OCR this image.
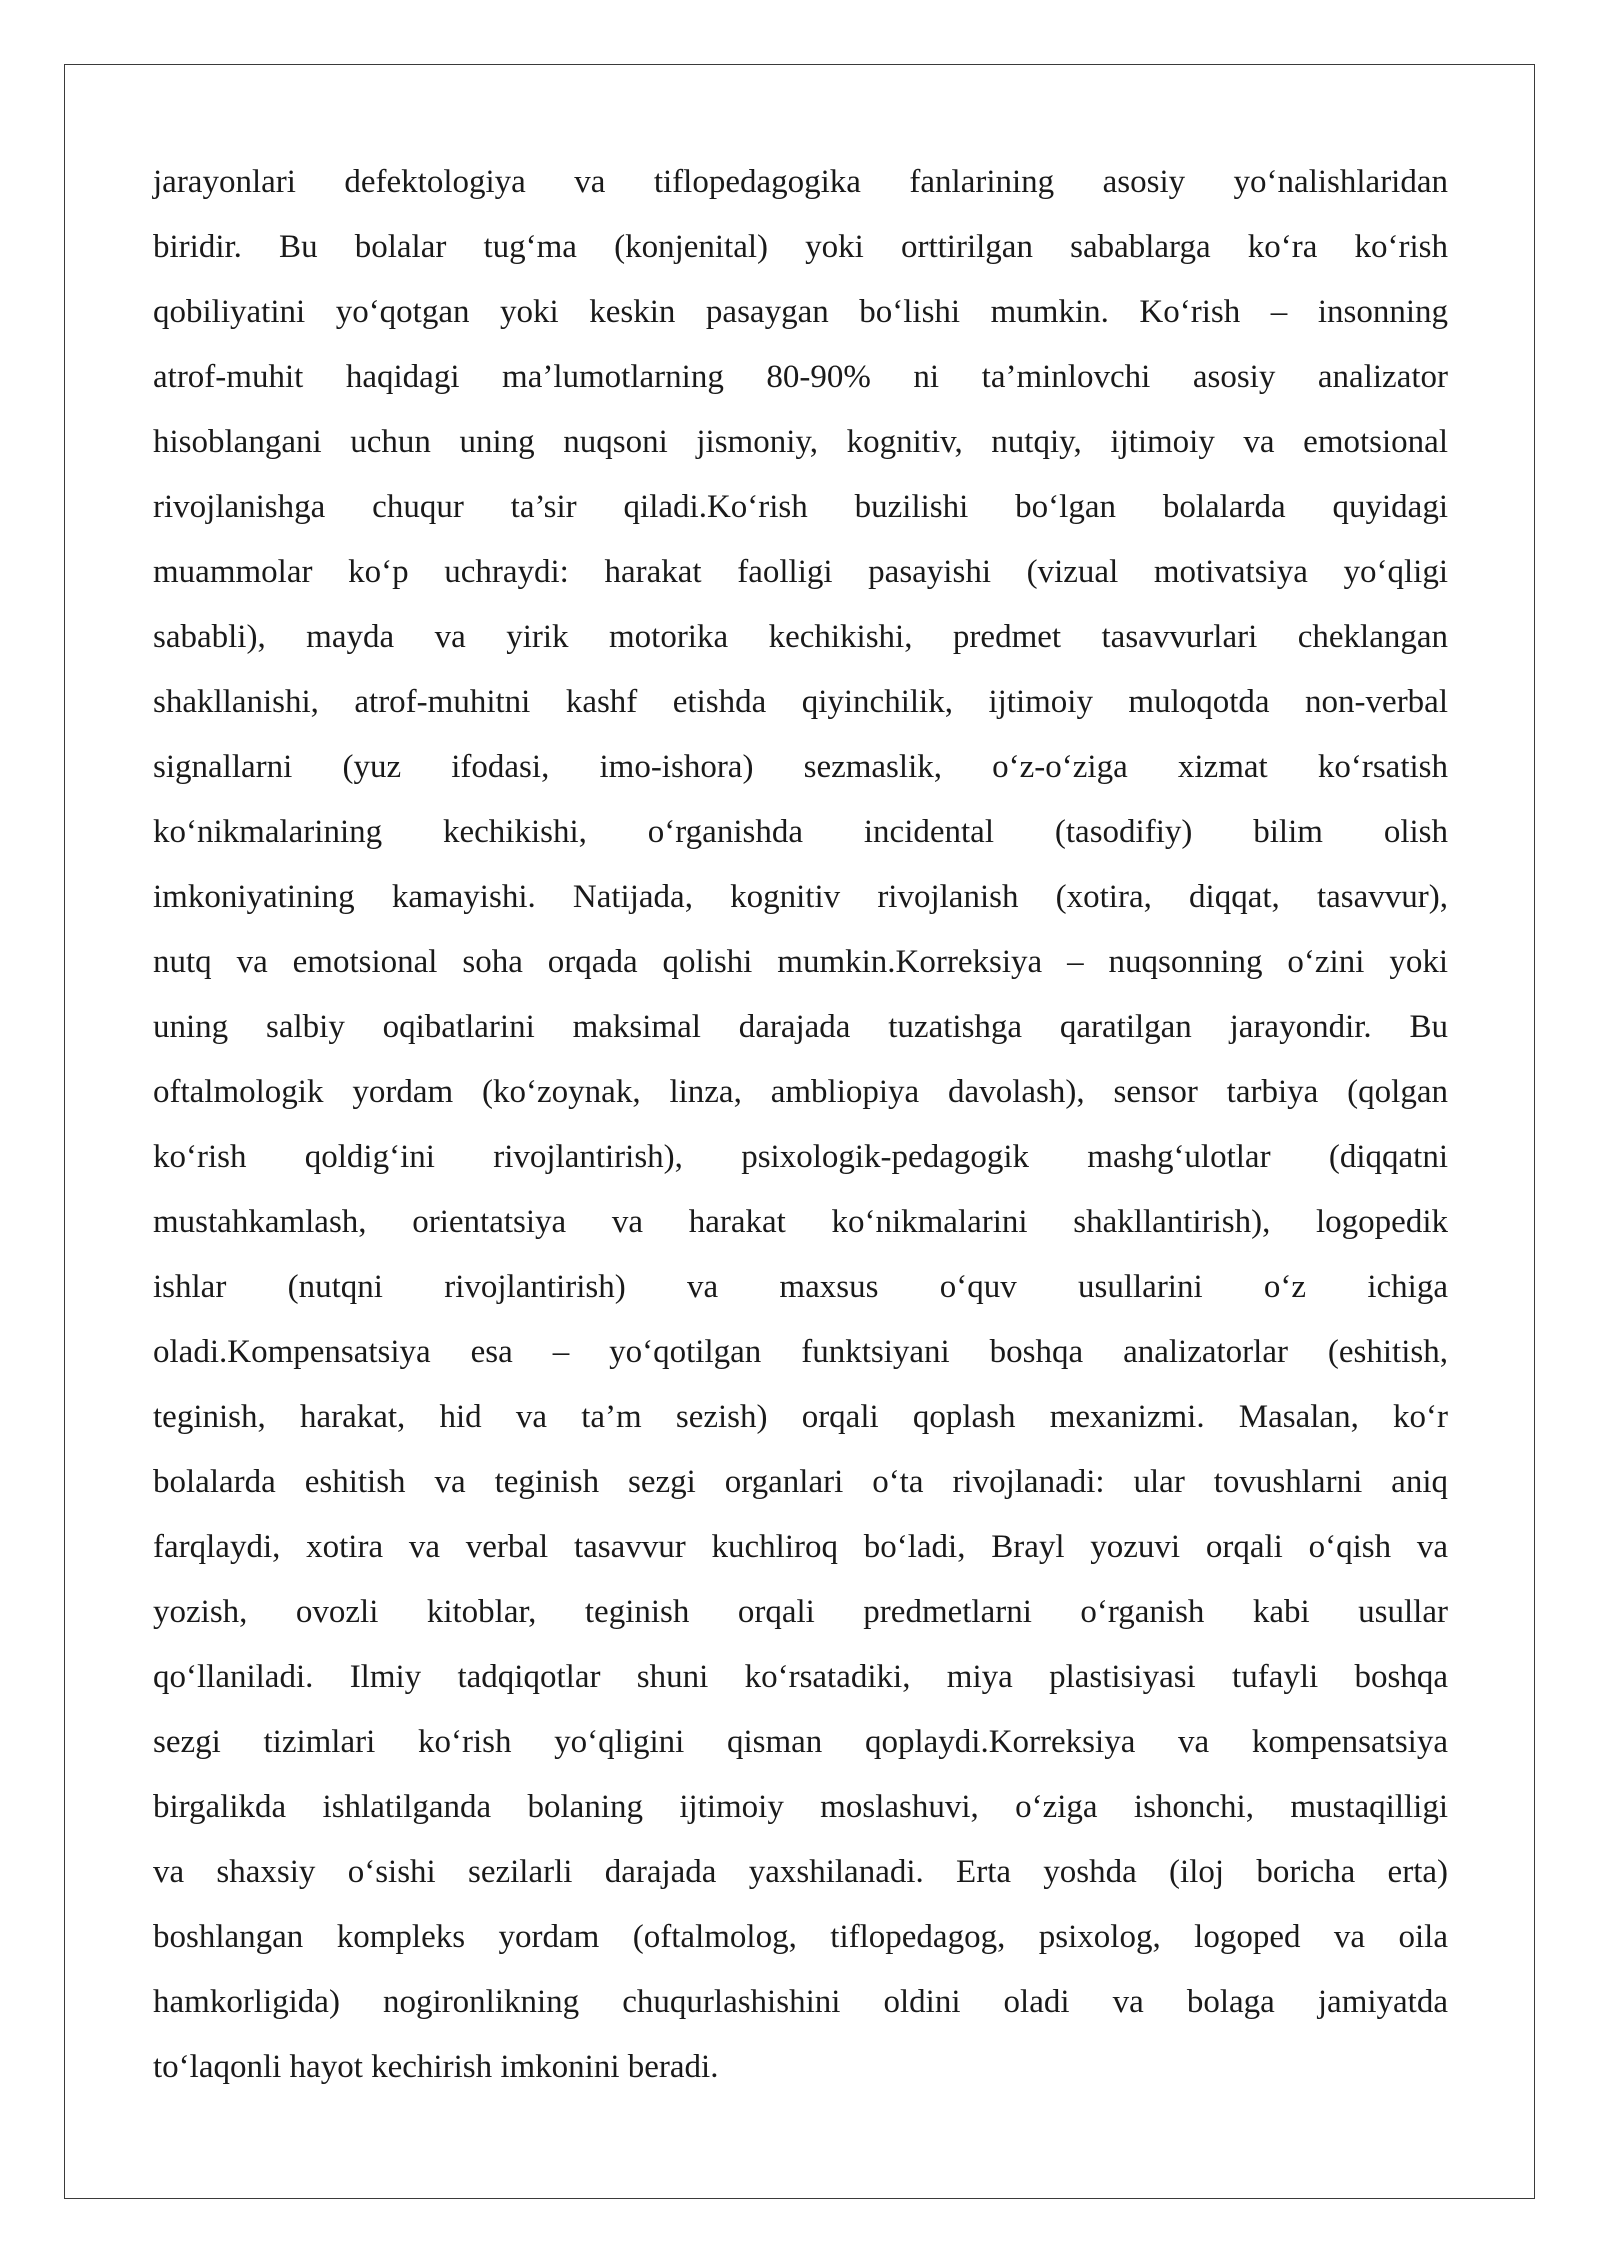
jarayonlari defektologiya va tiflopedagogika fanlarining asosiy yo‘nalishlaridan
biridir. Bu bolalar tug‘ma (konjenital) yoki orttirilgan sabablarga ko‘ra ko‘rish
qobiliyatini yo‘qotgan yoki keskin pasaygan bo‘lishi mumkin. Ko‘rish – insonning
atrof-muhit haqidagi ma’lumotlarning 80-90% ni ta’minlovchi asosiy analizator
hisoblangani uchun uning nuqsoni jismoniy, kognitiv, nutqiy, ijtimoiy va emotsional
rivojlanishga chuqur ta’sir qiladi.Ko‘rish buzilishi bo‘lgan bolalarda quyidagi
muammolar ko‘p uchraydi: harakat faolligi pasayishi (vizual motivatsiya yo‘qligi
sababli), mayda va yirik motorika kechikishi, predmet tasavvurlari cheklangan
shakllanishi, atrof-muhitni kashf etishda qiyinchilik, ijtimoiy muloqotda non-verbal
signallarni (yuz ifodasi, imo-ishora) sezmaslik, o‘z-o‘ziga xizmat ko‘rsatish
ko‘nikmalarining kechikishi, o‘rganishda incidental (tasodifiy) bilim olish
imkoniyatining kamayishi. Natijada, kognitiv rivojlanish (xotira, diqqat, tasavvur),
nutq va emotsional soha orqada qolishi mumkin.Korreksiya – nuqsonning o‘zini yoki
uning salbiy oqibatlarini maksimal darajada tuzatishga qaratilgan jarayondir. Bu
oftalmologik yordam (ko‘zoynak, linza, ambliopiya davolash), sensor tarbiya (qolgan
ko‘rish qoldig‘ini rivojlantirish), psixologik-pedagogik mashg‘ulotlar (diqqatni
mustahkamlash, orientatsiya va harakat ko‘nikmalarini shakllantirish), logopedik
ishlar (nutqni rivojlantirish) va maxsus o‘quv usullarini o‘z ichiga
oladi.Kompensatsiya esa – yo‘qotilgan funktsiyani boshqa analizatorlar (eshitish,
teginish, harakat, hid va ta’m sezish) orqali qoplash mexanizmi. Masalan, ko‘r
bolalarda eshitish va teginish sezgi organlari o‘ta rivojlanadi: ular tovushlarni aniq
farqlaydi, xotira va verbal tasavvur kuchliroq bo‘ladi, Brayl yozuvi orqali o‘qish va
yozish, ovozli kitoblar, teginish orqali predmetlarni o‘rganish kabi usullar
qo‘llaniladi. Ilmiy tadqiqotlar shuni ko‘rsatadiki, miya plastisiyasi tufayli boshqa
sezgi tizimlari ko‘rish yo‘qligini qisman qoplaydi.Korreksiya va kompensatsiya
birgalikda ishlatilganda bolaning ijtimoiy moslashuvi, o‘ziga ishonchi, mustaqilligi
va shaxsiy o‘sishi sezilarli darajada yaxshilanadi. Erta yoshda (iloj boricha erta)
boshlangan kompleks yordam (oftalmolog, tiflopedagog, psixolog, logoped va oila
hamkorligida) nogironlikning chuqurlashishini oldini oladi va bolaga jamiyatda
to‘laqonli hayot kechirish imkonini beradi.
